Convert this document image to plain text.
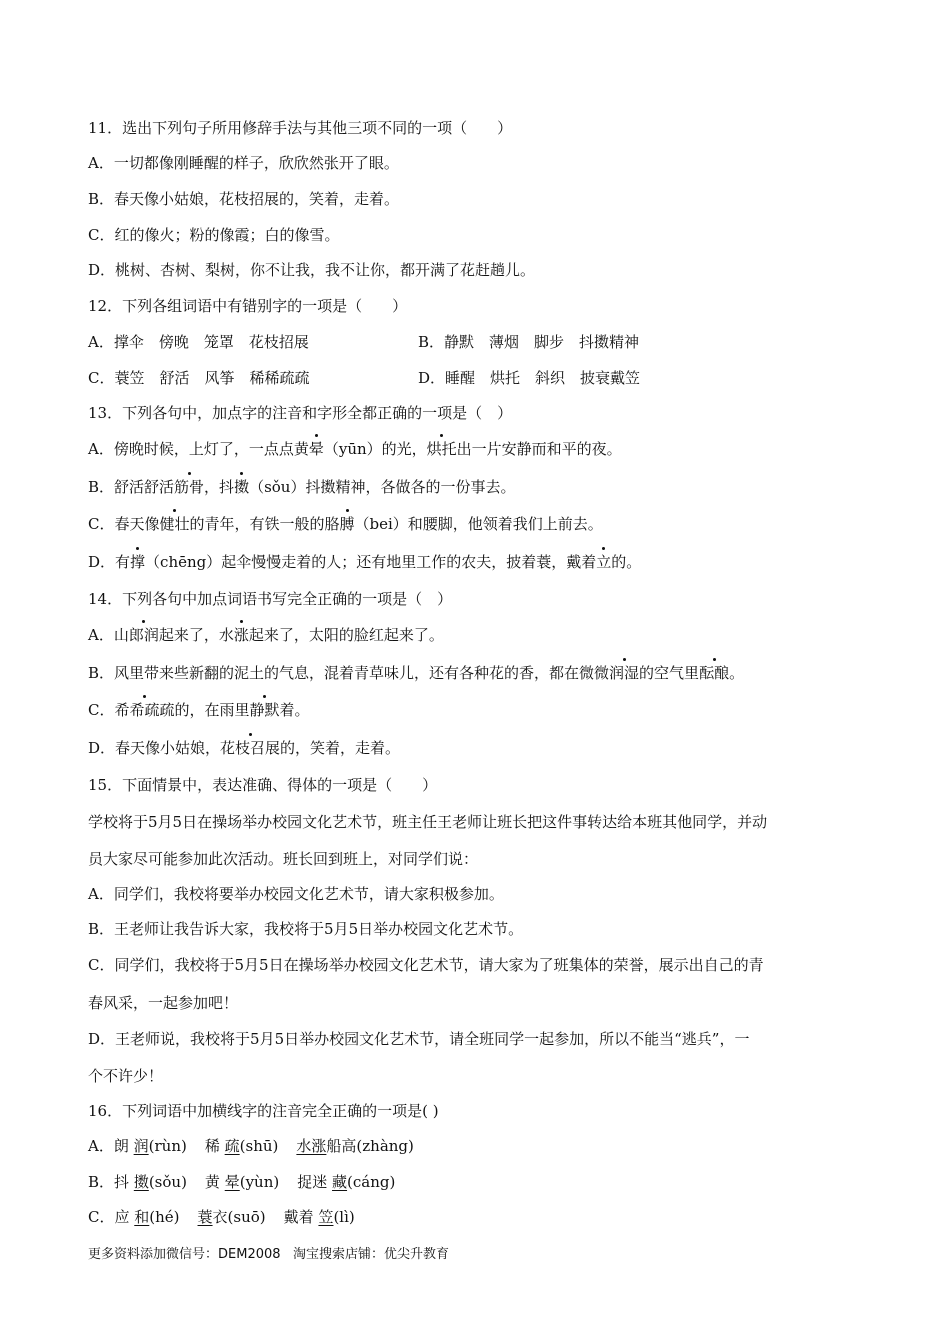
11．选出下列句子所用修辞手法与其他三项不同的一项（　　）
A．一切都像刚睡醒的样子，欣欣然张开了眼。
B．春天像小姑娘，花枝招展的，笑着，走着。
C．红的像火；粉的像霞；白的像雪。
D．桃树、杏树、梨树，你不让我，我不让你，都开满了花赶趟儿。
12．下列各组词语中有错别字的一项是（　　）
A．撑伞　傍晚　笼罩　花枝招展	B．静默　薄烟　脚步　抖擞精神
C．蓑笠　舒活　风筝　稀稀疏疏	D．睡醒　烘托　斜织　披衰戴笠
13．下列各句中，加点字的注音和字形全都正确的一项是（　）
A．傍晚时候，上灯了，一点点黄晕（yūn）的光，烘托出一片安静而和平的夜。
B．舒活舒活筋骨，抖擞（sǒu）抖擞精神，各做各的一份事去。
C．春天像健壮的青年，有铁一般的胳膊（bei）和腰脚，他领着我们上前去。
D．有撑（chēng）起伞慢慢走着的人；还有地里工作的农夫，披着蓑，戴着立的。
14．下列各句中加点词语书写完全正确的一项是（　）
A．山郎润起来了，水涨起来了，太阳的脸红起来了。
B．风里带来些新翻的泥土的气息，混着青草味儿，还有各种花的香，都在微微润湿的空气里酝酿。
C．希希疏疏的，在雨里静默着。
D．春天像小姑娘，花枝召展的，笑着，走着。
15．下面情景中，表达准确、得体的一项是（　　）
学校将于5月5日在操场举办校园文化艺术节，班主任王老师让班长把这件事转达给本班其他同学，并动
员大家尽可能参加此次活动。班长回到班上，对同学们说：
A．同学们，我校将要举办校园文化艺术节，请大家积极参加。
B．王老师让我告诉大家，我校将于5月5日举办校园文化艺术节。
C．同学们，我校将于5月5日在操场举办校园文化艺术节，请大家为了班集体的荣誉，展示出自己的青
春风采，一起参加吧！
D．王老师说，我校将于5月5日举办校园文化艺术节，请全班同学一起参加，所以不能当“逃兵”，一
个不许少！
16．下列词语中加横线字的注音完全正确的一项是( )
A．朗 润(rùn) 稀 疏(shū) 水涨船高(zhàng)
B．抖 擞(sǒu) 黄 晕(yùn) 捉迷 藏(cáng)
C．应 和(hé) 蓑衣(suō) 戴着 笠(lì)
更多资料添加微信号：DEM2008 淘宝搜索店铺：优尖升教育
